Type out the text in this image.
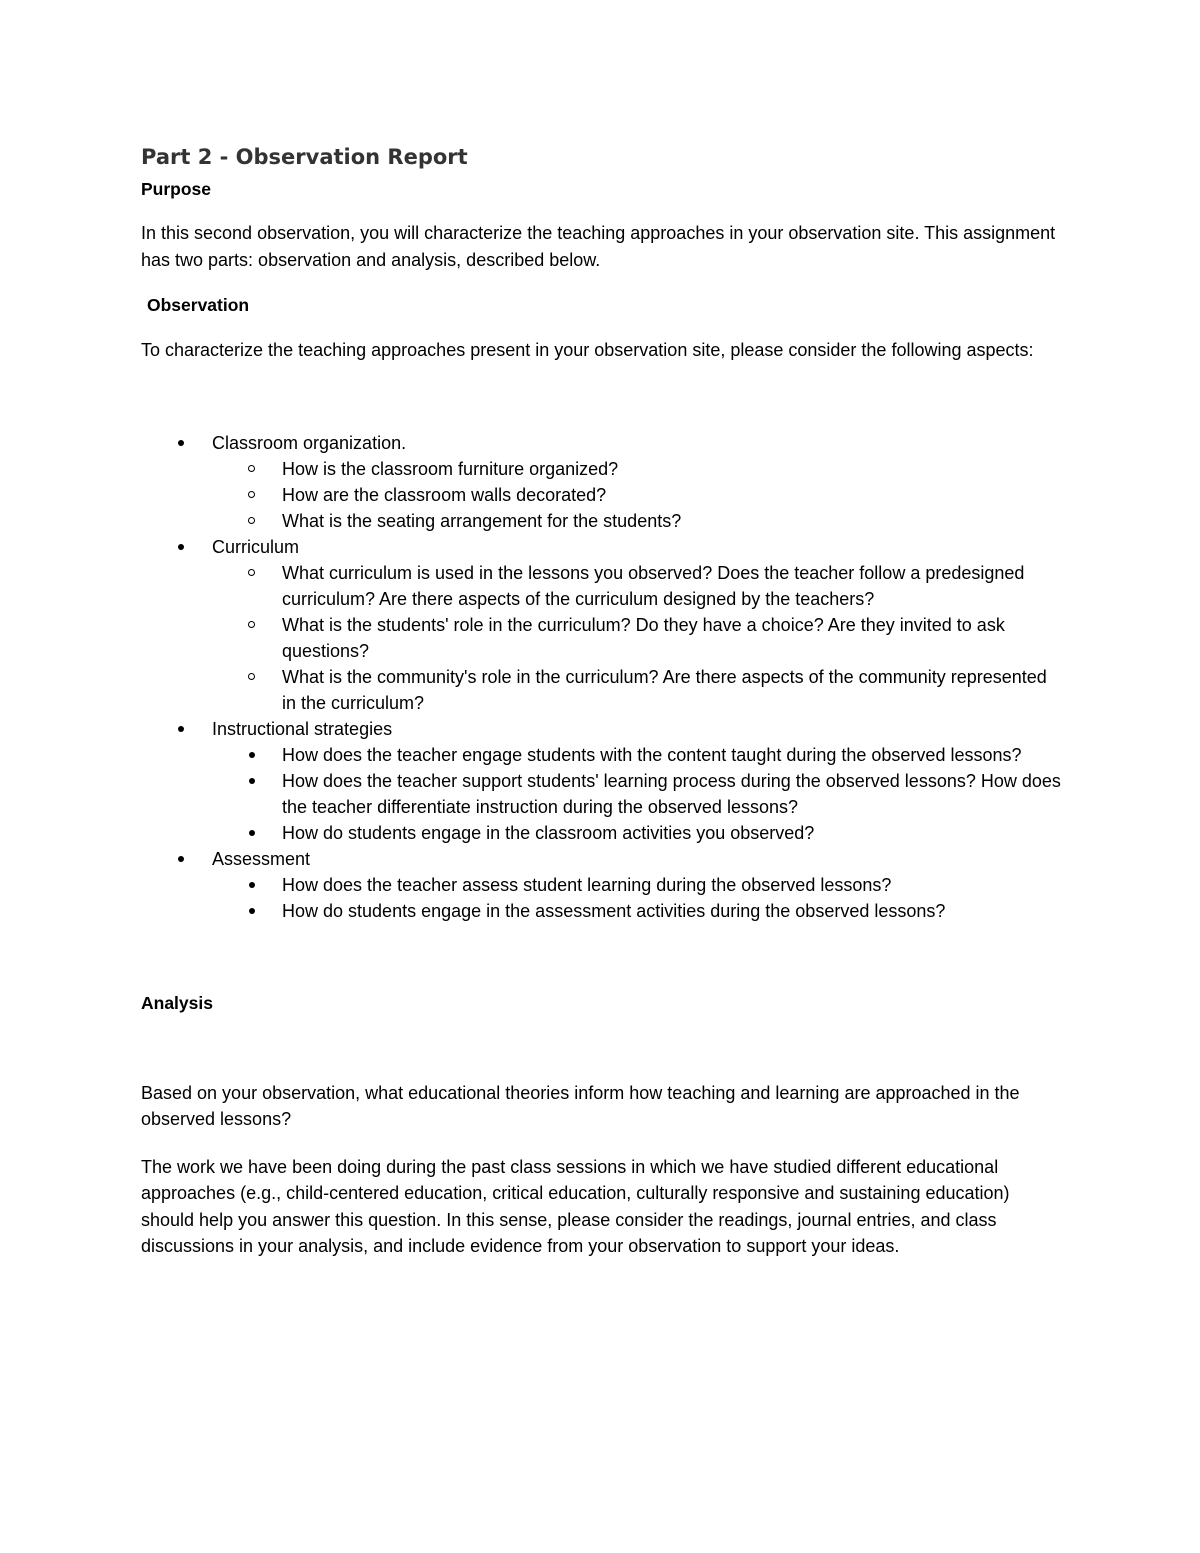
Part 2 - Observation Report
Purpose

In this second observation, you will characterize the teaching approaches in your observation site. This assignment has two parts: observation and analysis, described below.

Observation

To characterize the teaching approaches present in your observation site, please consider the following aspects:

Classroom organization.
How is the classroom furniture organized?
How are the classroom walls decorated?
What is the seating arrangement for the students?
Curriculum
What curriculum is used in the lessons you observed? Does the teacher follow a predesigned curriculum? Are there aspects of the curriculum designed by the teachers?
What is the students' role in the curriculum? Do they have a choice? Are they invited to ask questions?
What is the community's role in the curriculum? Are there aspects of the community represented in the curriculum?
Instructional strategies
How does the teacher engage students with the content taught during the observed lessons?
How does the teacher support students' learning process during the observed lessons? How does the teacher differentiate instruction during the observed lessons?
How do students engage in the classroom activities you observed?
Assessment
How does the teacher assess student learning during the observed lessons?
How do students engage in the assessment activities during the observed lessons?
Analysis

Based on your observation, what educational theories inform how teaching and learning are approached in the observed lessons?

The work we have been doing during the past class sessions in which we have studied different educational approaches (e.g., child-centered education, critical education, culturally responsive and sustaining education) should help you answer this question. In this sense, please consider the readings, journal entries, and class discussions in your analysis, and include evidence from your observation to support your ideas.
